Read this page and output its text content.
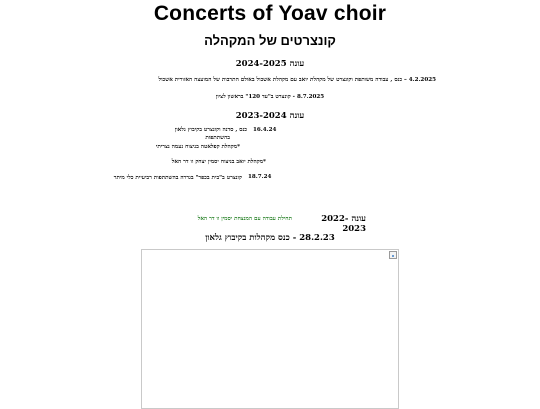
Concerts of Yoav choir
קונצרטים של המקהלה
עונה 2024-2025
4.2.2025 – כנס , עבודה משותפת וקונצרט של מקהלת יואב עם מקהלת אשכול באולם התרבות של המועצה האזורית אשכול
8.7.2025 - קונצרט ב"עד 120" בראשון לציון
עונה 2023-2024
16.4.24
כנס , סדנה וקונצרט בקיבוץ גלאון
בהשתתפות
*מקהלת קפלאטה בניצוח נעמה נצריתי
*מקהלת יואב בניצוח יסמין יצחק וו דר האל
18.7.24
קונצרט ב"בית בכפר" בגדרה בהשתתפות רביעיית כלי מיתר
עונה 2022-2023
תחילת עבודה עם המנצחת יסמין וו דר האל
28.2.23 - כנס מקהלות בקיבוץ גלאון
